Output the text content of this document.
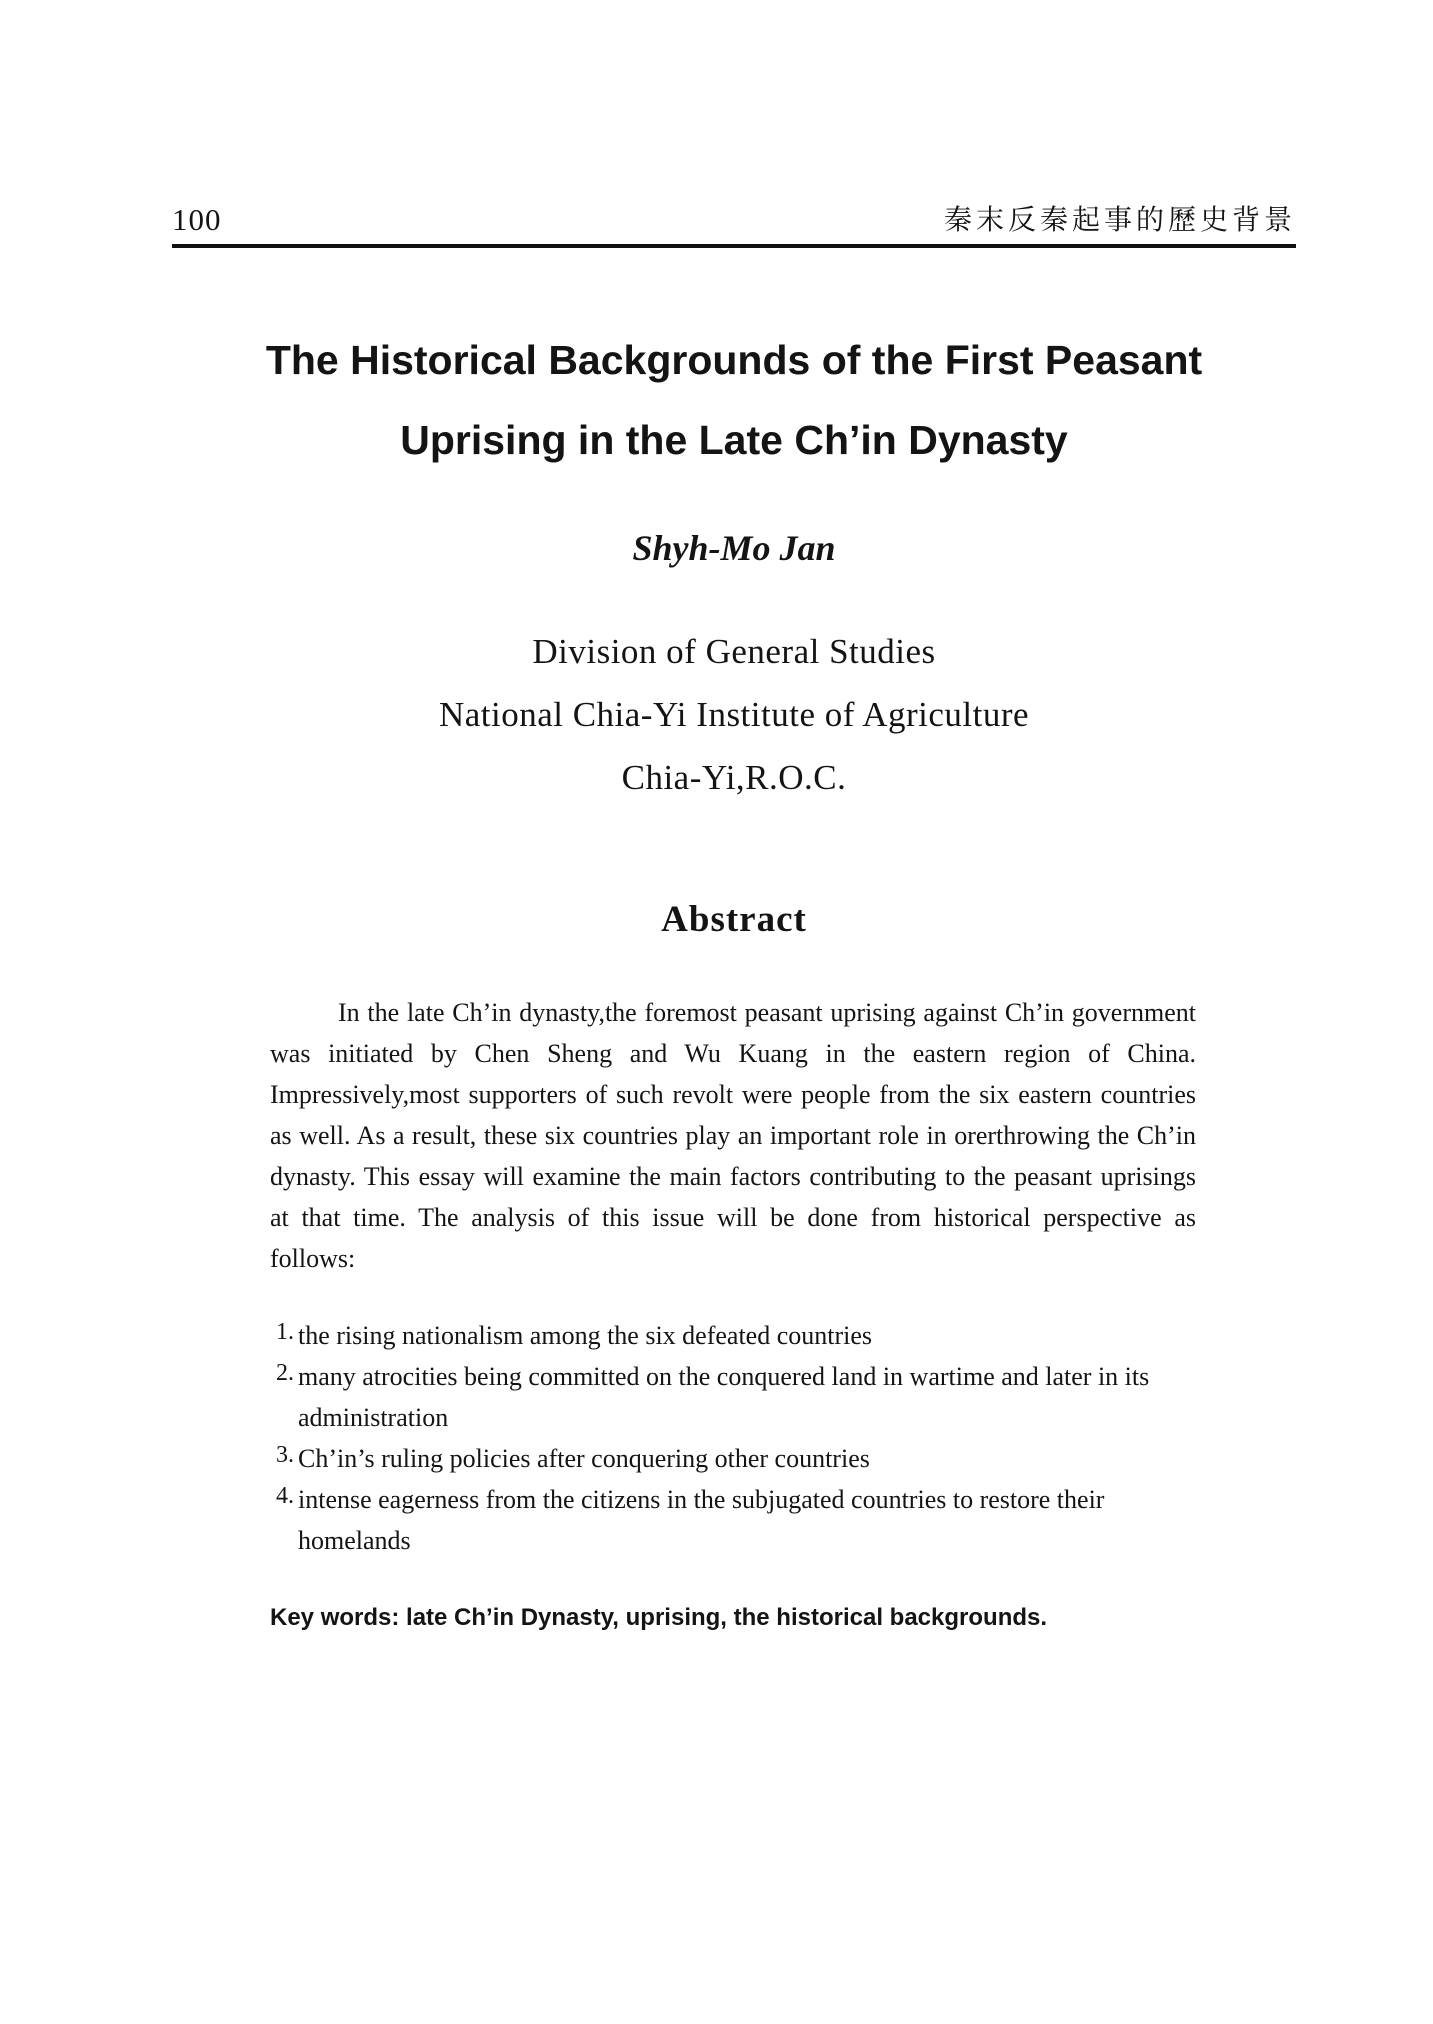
100	秦末反秦起事的歷史背景
The Historical Backgrounds of the First Peasant
Uprising in the Late Ch’in Dynasty
Shyh-Mo Jan
Division of General Studies
National Chia-Yi Institute of Agriculture
Chia-Yi,R.O.C.
Abstract

In the late Ch’in dynasty,the foremost peasant uprising against Ch’in government was initiated by Chen Sheng and Wu Kuang in the eastern region of China. Impressively,most supporters of such revolt were people from the six eastern countries as well. As a result, these six countries play an important role in orerthrowing the Ch’in dynasty. This essay will examine the main factors contributing to the peasant uprisings at that time. The analysis of this issue will be done from historical perspective as follows:

1. the rising nationalism among the six defeated countries
2. many atrocities being committed on the conquered land in wartime and later in its administration
3. Ch’in’s ruling policies after conquering other countries
4. intense eagerness from the citizens in the subjugated countries to restore their homelands
Key words: late Ch’in Dynasty, uprising, the historical backgrounds.
